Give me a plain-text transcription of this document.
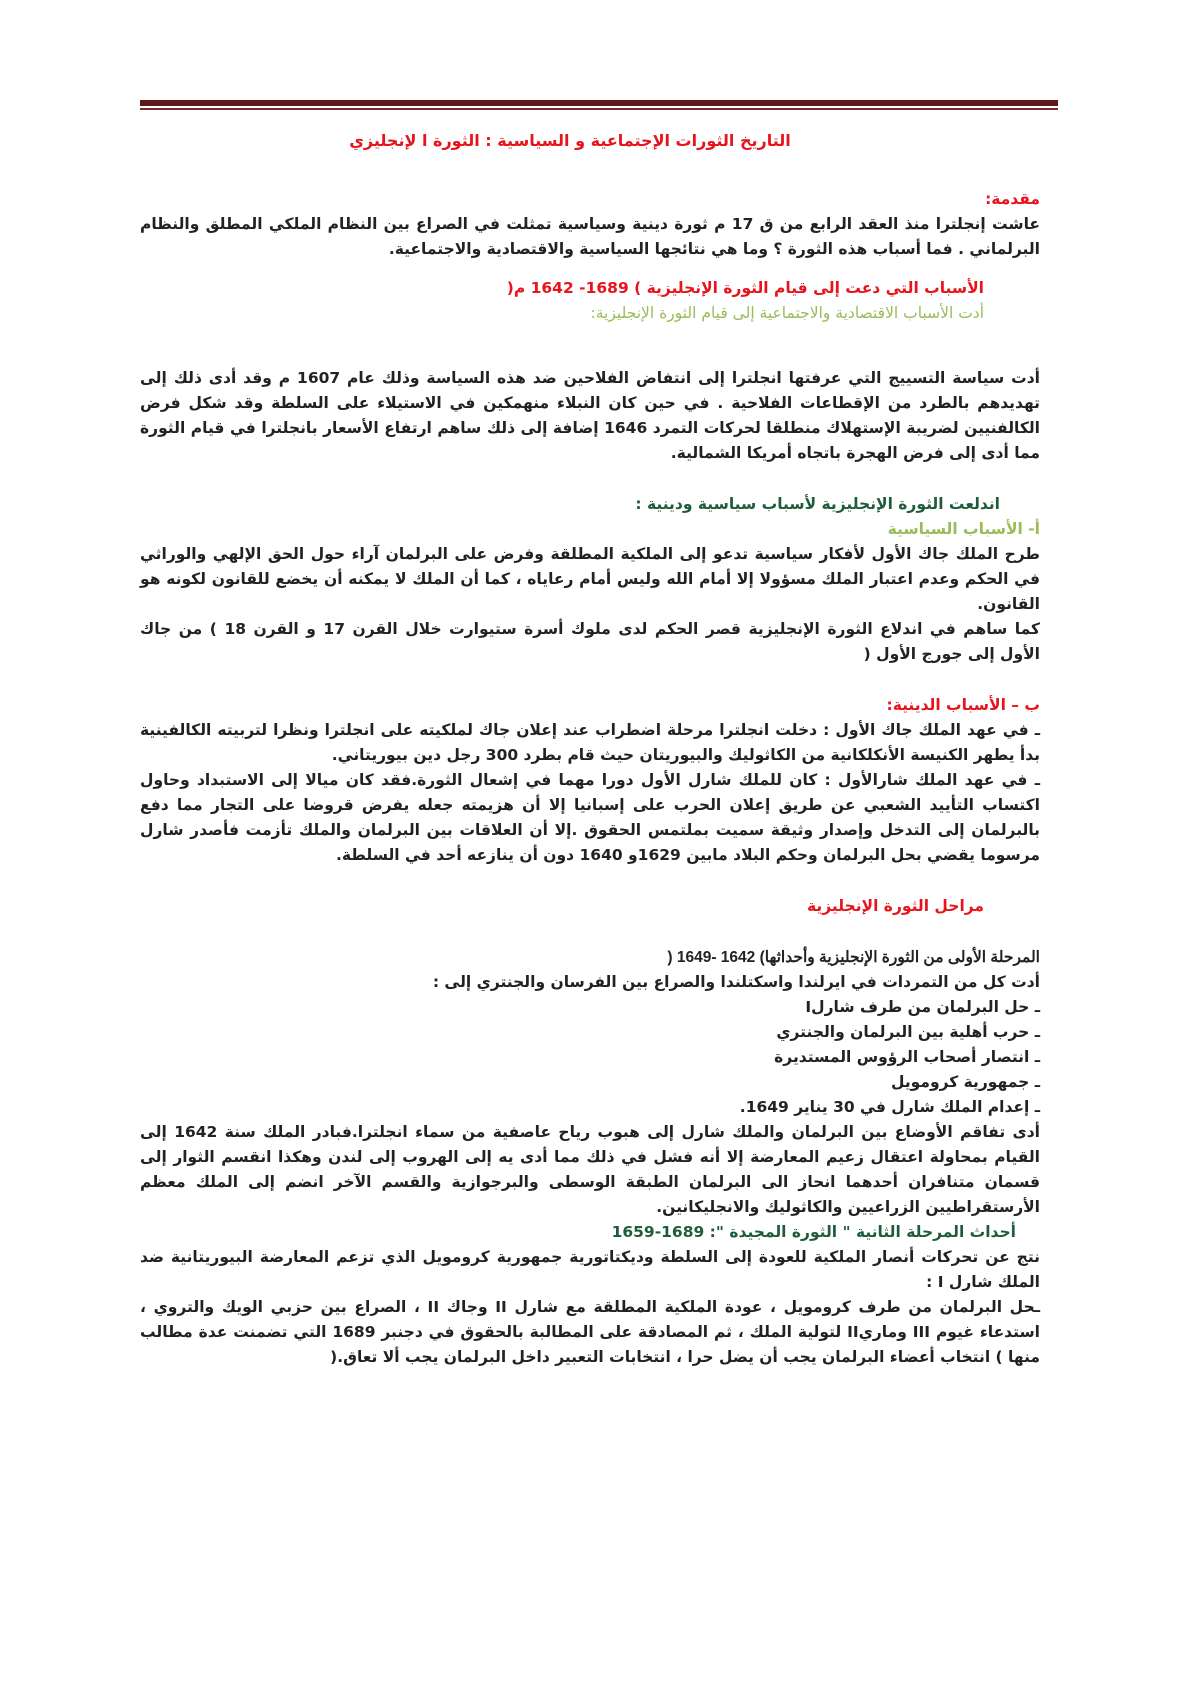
التاريخ الثورات الإجتماعية و السياسية : الثورة ا لإنجليزي
مقدمة:
عاشت إنجلترا منذ العقد الرابع من ق 17 م ثورة دينية وسياسية تمثلت في الصراع بين النظام الملكي المطلق والنظام البرلماني . فما أسباب هذه الثورة ؟ وما هي نتائجها السياسية والاقتصادية والاجتماعية.
الأسباب التي دعت إلى قيام الثورة الإنجليزية ) 1689- 1642 م(
أدت الأسباب الاقتصادية والاجتماعية إلى قيام الثورة الإنجليزية:
أدت سياسة التسييج التي عرفتها انجلترا إلى انتفاض الفلاحين ضد هذه السياسة وذلك عام 1607 م وقد أدى ذلك إلى تهديدهم بالطرد من الإقطاعات الفلاحية . في حين كان النبلاء منهمكين في الاستيلاء على السلطة وقد شكل فرض الكالفنيين لضريبة الإستهلاك منطلقا لحركات التمرد 1646 إضافة إلى ذلك ساهم ارتفاع الأسعار بانجلترا في قيام الثورة مما أدى إلى فرض الهجرة باتجاه أمريكا الشمالية.
اندلعت الثورة الإنجليزية لأسباب سياسية ودينية :
أ- الأسباب السياسية
طرح الملك جاك الأول لأفكار سياسية تدعو إلى الملكية المطلقة وفرض على البرلمان آراء حول الحق الإلهي والوراثي في الحكم وعدم اعتبار الملك مسؤولا إلا أمام الله وليس أمام رعاياه ، كما أن الملك لا يمكنه أن يخضع للقانون لكونه هو القانون.
كما ساهم في اندلاع الثورة الإنجليزية قصر الحكم لدى ملوك أسرة ستيوارت خلال القرن 17 و القرن 18 ) من جاك الأول إلى جورج الأول (
ب – الأسباب الدينية:
ـ في عهد الملك جاك الأول : دخلت انجلترا مرحلة اضطراب عند إعلان جاك لملكيته على انجلترا ونظرا لتربيته الكالفينية بدأ يطهر الكنيسة الأنكلكانية من الكاثوليك والبيوريتان حيث قام بطرد 300 رجل دين بيوريتاني.
ـ في عهد الملك شارالأول : كان للملك شارل الأول دورا مهما في إشعال الثورة.فقد كان ميالا إلى الاستبداد وحاول اكتساب التأييد الشعبي عن طريق إعلان الحرب على إسبانيا إلا أن هزيمته جعله يفرض قروضا على التجار مما دفع بالبرلمان إلى التدخل وإصدار وثيقة سميت بملتمس الحقوق .إلا أن العلاقات بين البرلمان والملك تأزمت فأصدر شارل مرسوما يقضي بحل البرلمان وحكم البلاد مابين 1629و 1640 دون أن ينازعه أحد في السلطة.
مراحل الثورة الإنجليزية
المرحلة الأولى من الثورة الإنجليزية وأحداثها) 1642 -1649 (
أدت كل من التمردات في ايرلندا واسكتلندا والصراع بين الفرسان والجنتري إلى :
ـ حل البرلمان من طرف شارلI
ـ حرب أهلية بين البرلمان والجنتري
ـ انتصار أصحاب الرؤوس المستديرة
ـ جمهورية كرومويل
ـ إعدام الملك شارل في 30 يناير 1649.
أدى تفاقم الأوضاع بين البرلمان والملك شارل إلى هبوب رياح عاصفية من سماء انجلترا.فبادر الملك سنة 1642 إلى القيام بمحاولة اعتقال زعيم المعارضة إلا أنه فشل في ذلك مما أدى يه إلى الهروب إلى لندن وهكذا انقسم الثوار إلى قسمان متنافران أحدهما انحاز الى البرلمان الطبقة الوسطى والبرجوازية والقسم الآخر انضم إلى الملك معظم الأرستقراطيين الزراعيين والكاثوليك والانجليكانين.
أحداث المرحلة الثانية " الثورة المجيدة ": 1689-1659
نتج عن تحركات أنصار الملكية للعودة إلى السلطة وديكتاتورية جمهورية كرومويل الذي تزعم المعارضة البيوريتانية ضد الملك شارل I :
ـحل البرلمان من طرف كرومويل ، عودة الملكية المطلقة مع شارل II وجاك II ، الصراع بين حزبي الويك والتروي ، استدعاء غيوم III وماريII لتولية الملك ، ثم المصادقة على المطالبة بالحقوق في دجنبر 1689 التي تضمنت عدة مطالب منها ) انتخاب أعضاء البرلمان يجب أن يضل حرا ، انتخابات التعبير داخل البرلمان يجب ألا تعاق.(
